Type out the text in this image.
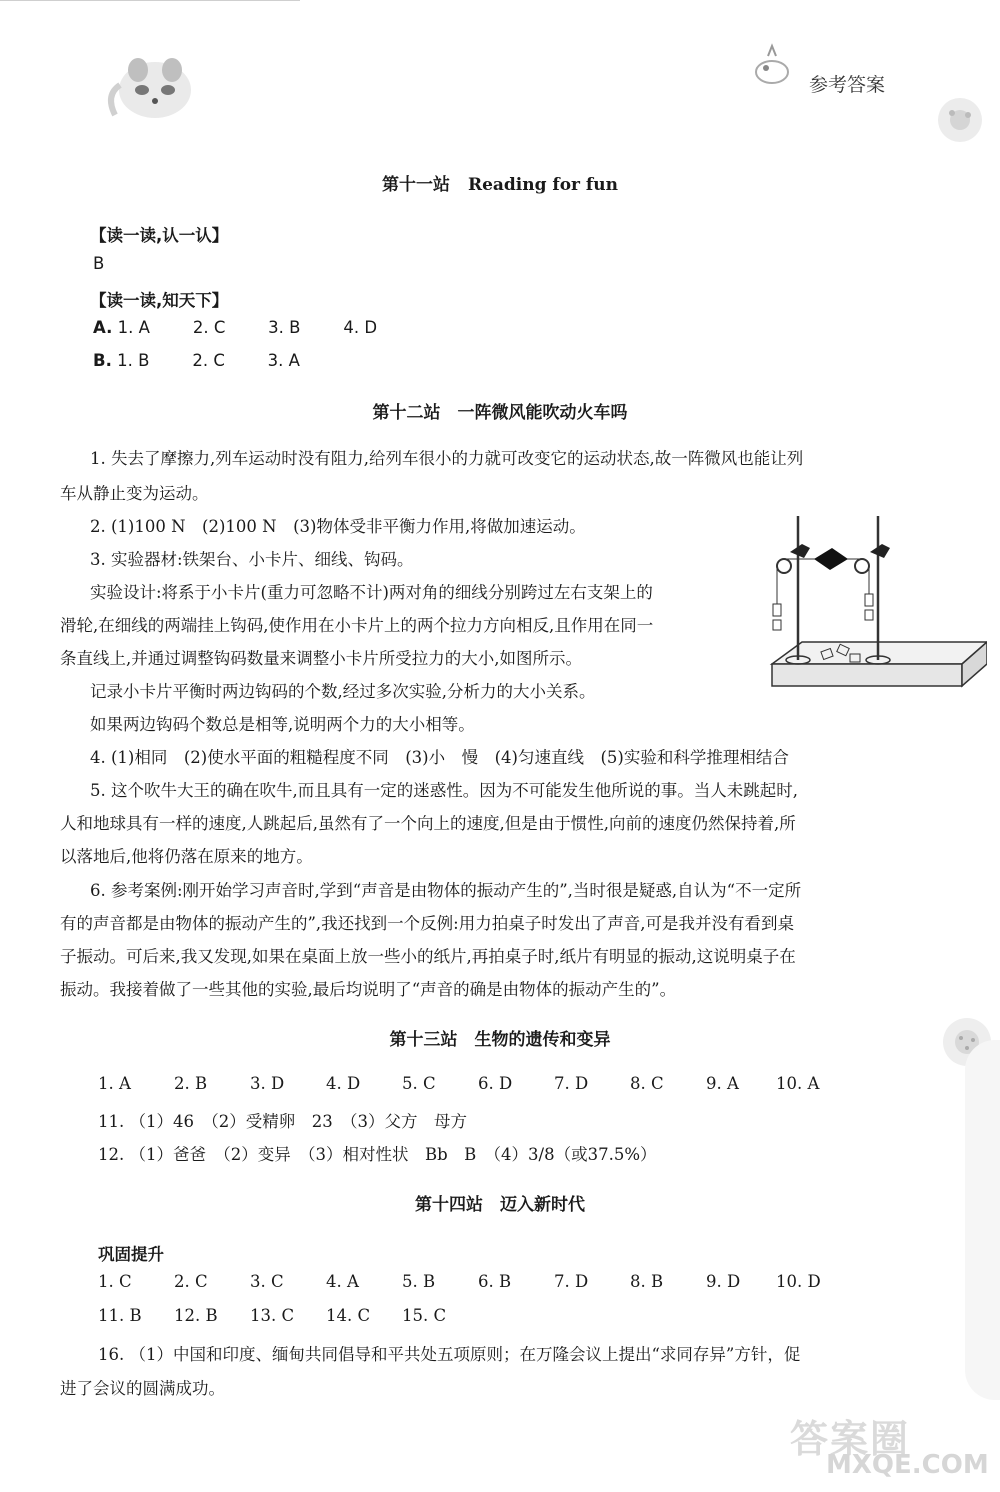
参考答案
第十一站 Reading for fun
【读一读,认一认】
B
【读一读,知天下】
A. 1. A	2. C	3. B	4. D
B. 1. B	2. C	3. A
第十二站　一阵微风能吹动火车吗
1. 失去了摩擦力,列车运动时没有阻力,给列车很小的力就可改变它的运动状态,故一阵微风也能让列
车从静止变为运动。
2. (1)100 N　(2)100 N　(3)物体受非平衡力作用,将做加速运动。
3. 实验器材:铁架台、小卡片、细线、钩码。
实验设计:将系于小卡片(重力可忽略不计)两对角的细线分别跨过左右支架上的
滑轮,在细线的两端挂上钩码,使作用在小卡片上的两个拉力方向相反,且作用在同一
条直线上,并通过调整钩码数量来调整小卡片所受拉力的大小,如图所示。
记录小卡片平衡时两边钩码的个数,经过多次实验,分析力的大小关系。
如果两边钩码个数总是相等,说明两个力的大小相等。
4. (1)相同　(2)使水平面的粗糙程度不同　(3)小　慢　(4)匀速直线　(5)实验和科学推理相结合
5. 这个吹牛大王的确在吹牛,而且具有一定的迷惑性。因为不可能发生他所说的事。当人未跳起时,
人和地球具有一样的速度,人跳起后,虽然有了一个向上的速度,但是由于惯性,向前的速度仍然保持着,所
以落地后,他将仍落在原来的地方。
6. 参考案例:刚开始学习声音时,学到“声音是由物体的振动产生的”,当时很是疑惑,自认为“不一定所
有的声音都是由物体的振动产生的”,我还找到一个反例:用力拍桌子时发出了声音,可是我并没有看到桌
子振动。可后来,我又发现,如果在桌面上放一些小的纸片,再拍桌子时,纸片有明显的振动,这说明桌子在
振动。我接着做了一些其他的实验,最后均说明了“声音的确是由物体的振动产生的”。
第十三站　生物的遗传和变异
1. A	2. B	3. D	4. D	5. C	6. D	7. D	8. C	9. A 10. A
11. （1）46　（2）受精卵　23　（3）父方　母方
12. （1）爸爸　（2）变异　（3）相对性状　Bb　B　（4）3/8（或37.5%）
第十四站　迈入新时代
巩固提升
1. C	2. C	3. C	4. A	5. B	6. B	7. D	8. B	9. D 10. D
11. B 12. B 13. C 14. C 15. C
16. （1）中国和印度、缅甸共同倡导和平共处五项原则；在万隆会议上提出“求同存异”方针，促
进了会议的圆满成功。
答案圈
MXQE.COM
